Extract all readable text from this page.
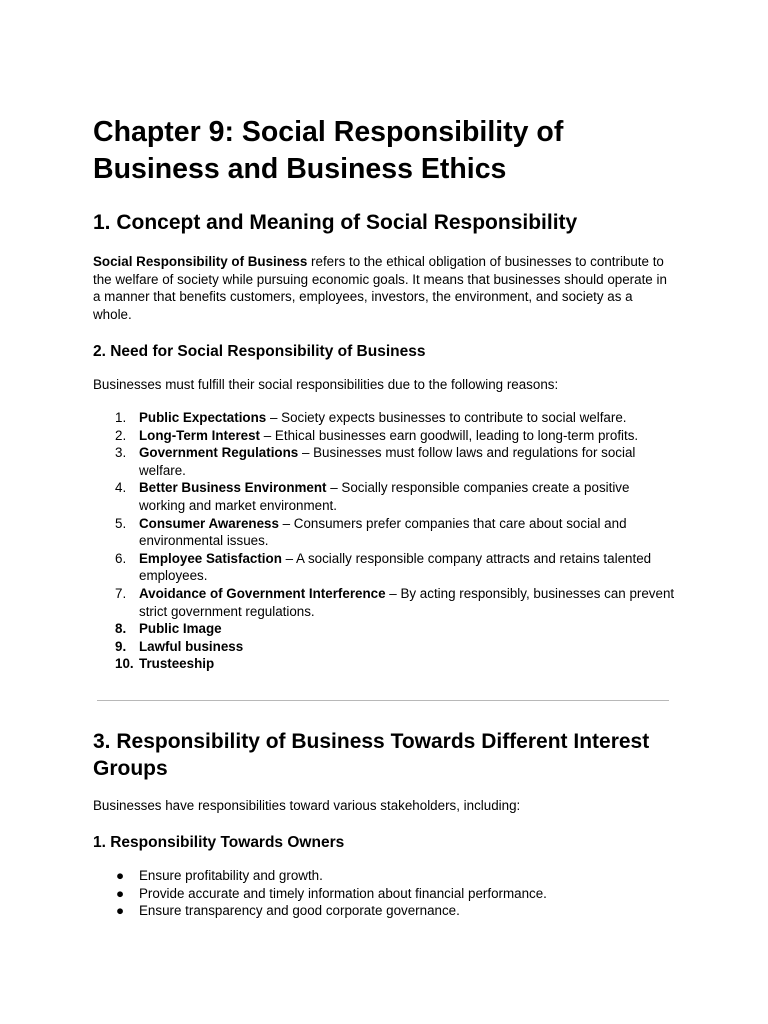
Chapter 9: Social Responsibility of Business and Business Ethics
1. Concept and Meaning of Social Responsibility

Social Responsibility of Business refers to the ethical obligation of businesses to contribute to the welfare of society while pursuing economic goals. It means that businesses should operate in a manner that benefits customers, employees, investors, the environment, and society as a whole.

2. Need for Social Responsibility of Business

Businesses must fulfill their social responsibilities due to the following reasons:

1. Public Expectations – Society expects businesses to contribute to social welfare.
2. Long-Term Interest – Ethical businesses earn goodwill, leading to long-term profits.
3. Government Regulations – Businesses must follow laws and regulations for social welfare.
4. Better Business Environment – Socially responsible companies create a positive working and market environment.
5. Consumer Awareness – Consumers prefer companies that care about social and environmental issues.
6. Employee Satisfaction – A socially responsible company attracts and retains talented employees.
7. Avoidance of Government Interference – By acting responsibly, businesses can prevent strict government regulations.
8. Public Image
9. Lawful business
10. Trusteeship
3. Responsibility of Business Towards Different Interest Groups

Businesses have responsibilities toward various stakeholders, including:

1. Responsibility Towards Owners
● Ensure profitability and growth.
● Provide accurate and timely information about financial performance.
● Ensure transparency and good corporate governance.
